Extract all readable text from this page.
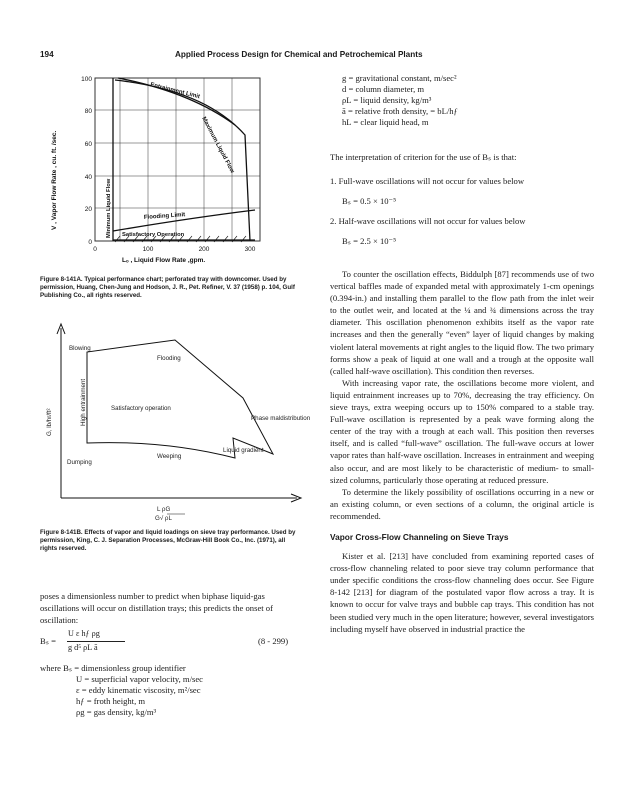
194	Applied Process Design for Chemical and Petrochemical Plants
100
80
60
40
20
0
0	100	200	300
Lₒ , Liquid Flow Rate ,gpm.
V , Vapor Flow Rate , cu. ft. /sec.
Entrainment Limit
Maximum Liquid Flow
Minimum Liquid Flow	Flooding Limit
Satisfactory Operation
Figure 8-141A. Typical performance chart; perforated tray with downcomer. Used by permission, Huang, Chen-Jung and Hodson, J. R., Pet. Refiner, V. 37 (1958) p. 104, Gulf Publishing Co., all rights reserved.
Blowing
Flooding
High entrainment	Satisfactory operation
Phase maldistribution
Liquid gradient
Weeping
Dumping
G, lb/hr/ft²
L ρG
G√ ρL
Figure 8-141B. Effects of vapor and liquid loadings on sieve tray performance. Used by permission, King, C. J. Separation Processes, McGraw-Hill Book Co., Inc. (1971), all rights reserved.

poses a dimensionless number to predict when biphase liquid-gas oscillations will occur on distillation trays; this predicts the onset of oscillation:

Bₛ =
U ε hƒ ρg
g d⁵ ρL ā
(8 - 299)
where Bₛ = dimensionless group identifier
U = superficial vapor velocity, m/sec
ε = eddy kinematic viscosity, m²/sec
hƒ = froth height, m
ρg = gas density, kg/m³
g = gravitational constant, m/sec²
d = column diameter, m
ρL = liquid density, kg/m³
ā = relative froth density, = bL/hƒ
hL = clear liquid head, m

The interpretation of criterion for the use of Bₛ is that:

1. Full-wave oscillations will not occur for values below

Bₛ = 0.5 × 10⁻⁵

2. Half-wave oscillations will not occur for values below

Bₛ = 2.5 × 10⁻⁵

To counter the oscillation effects, Biddulph [87] recommends use of two vertical baffles made of expanded metal with approximately 1-cm openings (0.394-in.) and installing them parallel to the flow path from the inlet weir to the outlet weir, and located at the ¼ and ¾ dimensions across the tray diameter. This oscillation phenomenon exhibits itself as the vapor rate increases and then the generally “even” layer of liquid changes by making violent lateral movements at right angles to the liquid flow. The two primary forms show a peak of liquid at one wall and a trough at the opposite wall (called half-wave oscillation). This condition then reverses.

With increasing vapor rate, the oscillations become more violent, and liquid entrainment increases up to 70%, decreasing the tray efficiency. On sieve trays, extra weeping occurs up to 150% compared to a stable tray. Full-wave oscillation is represented by a peak wave forming along the center of the tray with a trough at each wall. This position then reverses itself, and is called “full-wave” oscillation. The full-wave occurs at lower vapor rates than half-wave oscillation. Increases in entrainment and weeping also occur, and are most likely to be characteristic of medium- to small-sized columns, particularly those operating at reduced pressure.

To determine the likely possibility of oscillations occurring in a new or an existing column, or even sections of a column, the original article is recommended.

Vapor Cross-Flow Channeling on Sieve Trays

Kister et al. [213] have concluded from examining reported cases of cross-flow channeling related to poor sieve tray column performance that under specific conditions the cross-flow channeling does occur. See Figure 8-142 [213] for diagram of the postulated vapor flow across a tray. It is known to occur for valve trays and bubble cap trays. This condition has not been studied very much in the open literature; however, several investigators including myself have observed in industrial practice the
